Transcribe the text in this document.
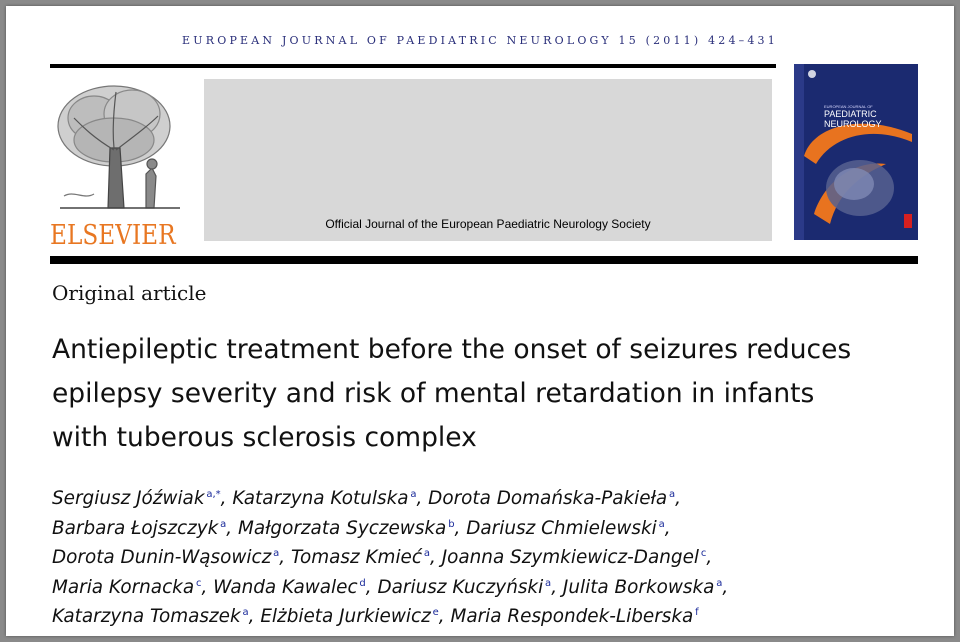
EUROPEAN JOURNAL OF PAEDIATRIC NEUROLOGY 15 (2011) 424–431
ELSEVIER	Official Journal of the European Paediatric Neurology Society
EUROPEAN JOURNAL OF
PAEDIATRIC
NEUROLOGY
Original article
Antiepileptic treatment before the onset of seizures reduces
epilepsy severity and risk of mental retardation in infants
with tuberous sclerosis complex
Sergiusz Jóźwiak  $^{a,*}$, Katarzyna Kotulska  $^a$, Dorota Domańska-Pakieła  $^a$,
Barbara Łojszczyk  $^a$, Małgorzata Syczewska  $^b$, Dariusz Chmielewski  $^a$,
Dorota Dunin-Wąsowicz  $^a$, Tomasz Kmieć  $^a$, Joanna Szymkiewicz-Dangel  $^c$,
Maria Kornacka  $^c$, Wanda Kawalec  $^d$, Dariusz Kuczyński  $^a$, Julita Borkowska  $^a$,
Katarzyna Tomaszek  $^a$, Elżbieta Jurkiewicz  $^e$, Maria Respondek-Liberska  $^f$
